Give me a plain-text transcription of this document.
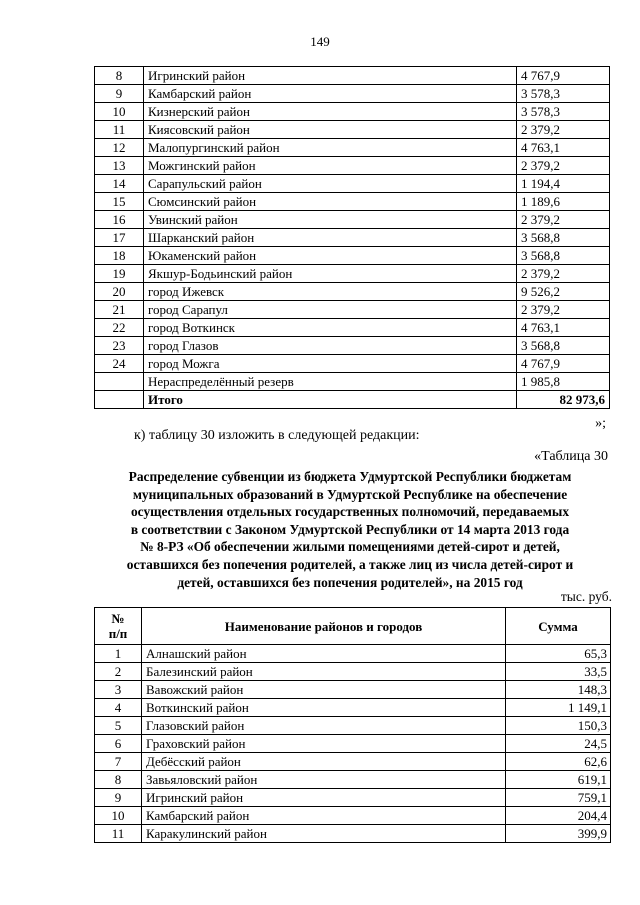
149
8	Игринский район	4 767,9
9	Камбарский район	3 578,3
10	Кизнерский район	3 578,3
11	Киясовский район	2 379,2
12	Малопургинский район	4 763,1
13	Можгинский район	2 379,2
14	Сарапульский район	1 194,4
15	Сюмсинский район	1 189,6
16	Увинский район	2 379,2
17	Шарканский район	3 568,8
18	Юкаменский район	3 568,8
19	Якшур-Бодьинский район	2 379,2
20	город Ижевск	9 526,2
21	город Сарапул	2 379,2
22	город Воткинск	4 763,1
23	город Глазов	3 568,8
24	город Можга	4 767,9
	Нераспределённый резерв	1 985,8
	Итого	82 973,6
»;
к) таблицу 30 изложить в следующей редакции:
«Таблица 30
Распределение субвенции из бюджета Удмуртской Республики бюджетам
муниципальных образований в Удмуртской Республике на обеспечение
осуществления отдельных государственных полномочий, передаваемых
в соответствии с Законом Удмуртской Республики от 14 марта 2013 года
№ 8-РЗ «Об обеспечении жилыми помещениями детей-сирот и детей,
оставшихся без попечения родителей, а также лиц из числа детей-сирот и
детей, оставшихся без попечения родителей», на 2015 год
тыс. руб.
№
п/п	Наименование районов и городов	Сумма
1	Алнашский район	65,3
2	Балезинский район	33,5
3	Вавожский район	148,3
4	Воткинский район	1 149,1
5	Глазовский район	150,3
6	Граховский район	24,5
7	Дебёсский район	62,6
8	Завьяловский район	619,1
9	Игринский район	759,1
10	Камбарский район	204,4
11	Каракулинский район	399,9
